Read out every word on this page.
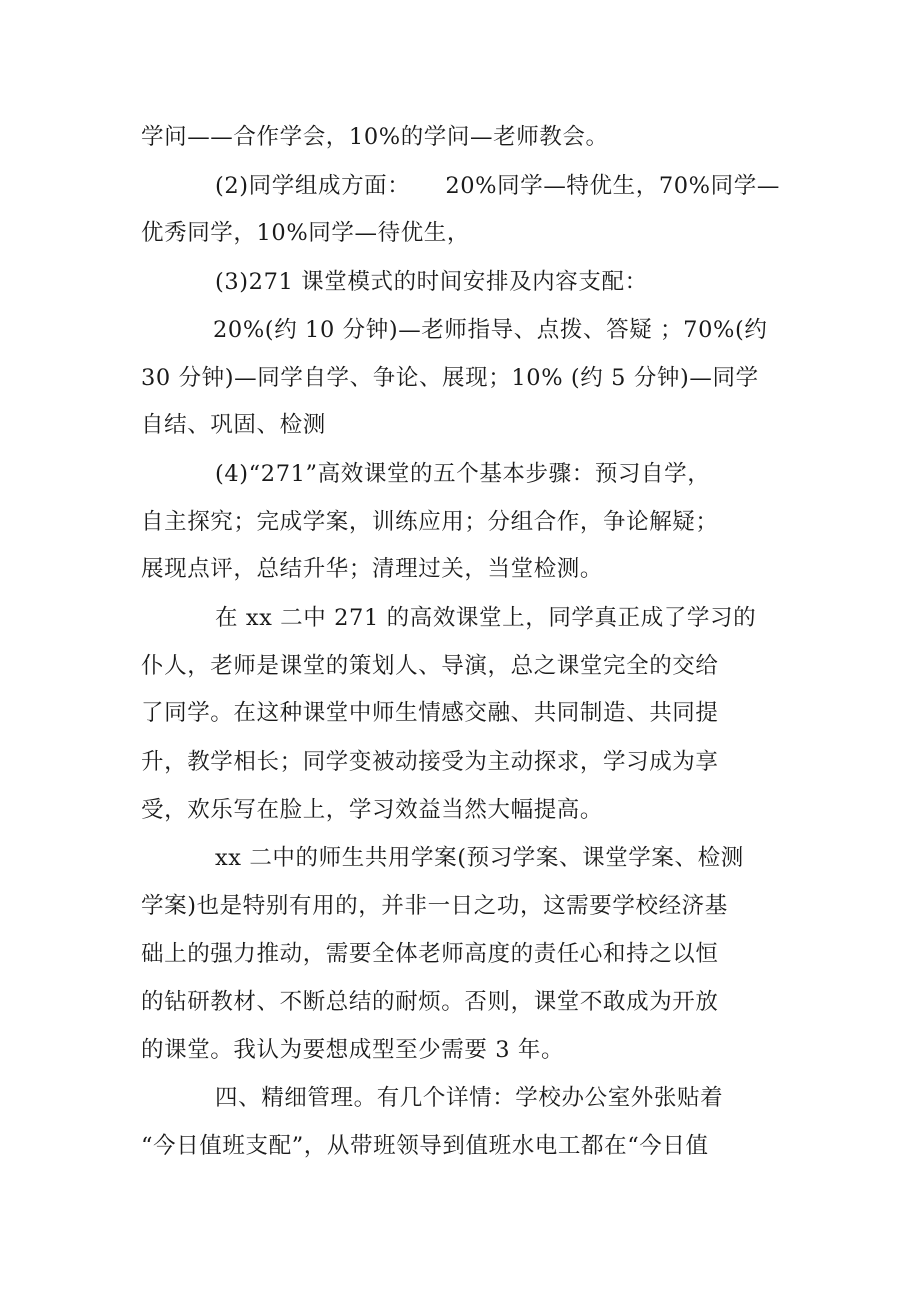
学问——合作学会，10%的学问—老师教会。
(2)同学组成方面：　　20%同学—特优生，70%同学—
优秀同学，10%同学—待优生，
(3)271 课堂模式的时间安排及内容支配：
20%(约 10 分钟)—老师指导、点拨、答疑 ；70%(约
30 分钟)—同学自学、争论、展现；10% (约 5 分钟)—同学
自结、巩固、检测
(4)“271”高效课堂的五个基本步骤：预习自学，
自主探究；完成学案，训练应用；分组合作，争论解疑；
展现点评，总结升华；清理过关，当堂检测。
在 xx 二中 271 的高效课堂上，同学真正成了学习的
仆人，老师是课堂的策划人、导演，总之课堂完全的交给
了同学。在这种课堂中师生情感交融、共同制造、共同提
升，教学相长；同学变被动接受为主动探求，学习成为享
受，欢乐写在脸上，学习效益当然大幅提高。
xx 二中的师生共用学案(预习学案、课堂学案、检测
学案)也是特别有用的，并非一日之功，这需要学校经济基
础上的强力推动，需要全体老师高度的责任心和持之以恒
的钻研教材、不断总结的耐烦。否则，课堂不敢成为开放
的课堂。我认为要想成型至少需要 3 年。
四、精细管理。有几个详情：学校办公室外张贴着
“今日值班支配”，从带班领导到值班水电工都在“今日值
